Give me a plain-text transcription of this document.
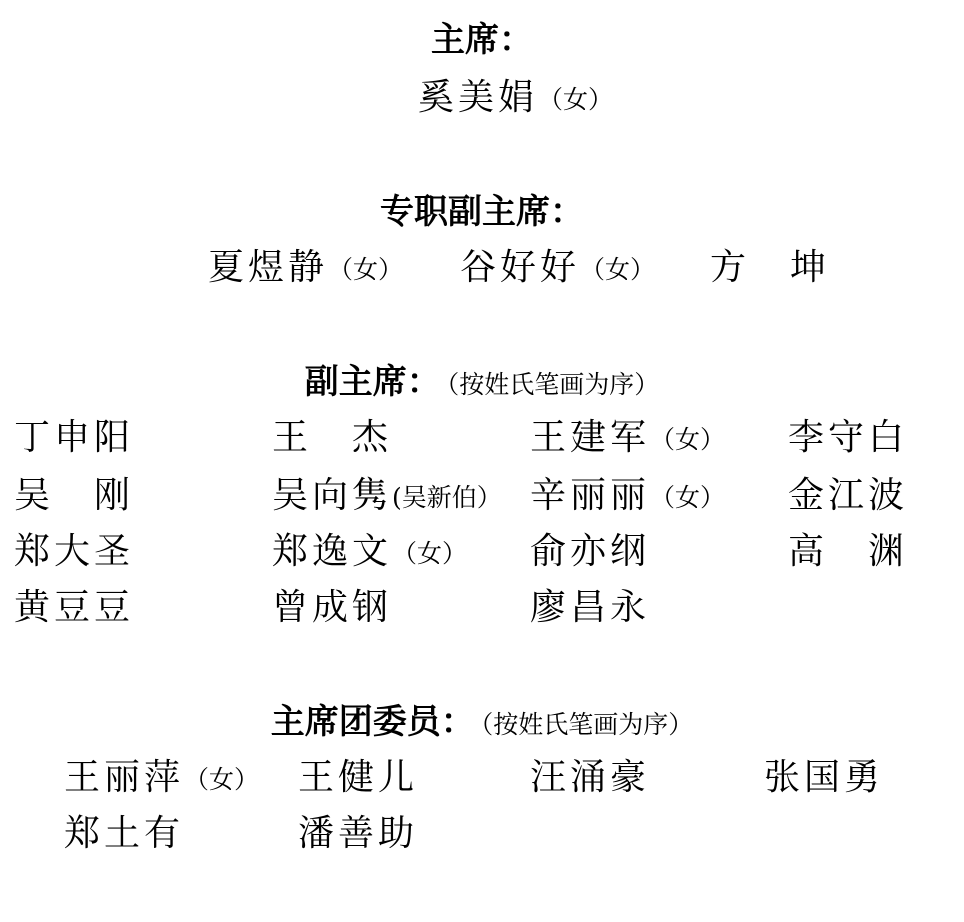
主席：
奚美娟（女）
专职副主席：
夏煜静（女） 谷好好（女） 方　坤
副主席： （按姓氏笔画为序）
丁申阳	王　杰	王建军（女） 李守白
吴　刚	吴向隽(吴新伯） 辛丽丽（女） 金江波
郑大圣	郑逸文（女） 俞亦纲	高　渊
黄豆豆	曾成钢	廖昌永
主席团委员： （按姓氏笔画为序）
王丽萍（女） 王健儿	汪涌豪	张国勇
郑土有	潘善助
